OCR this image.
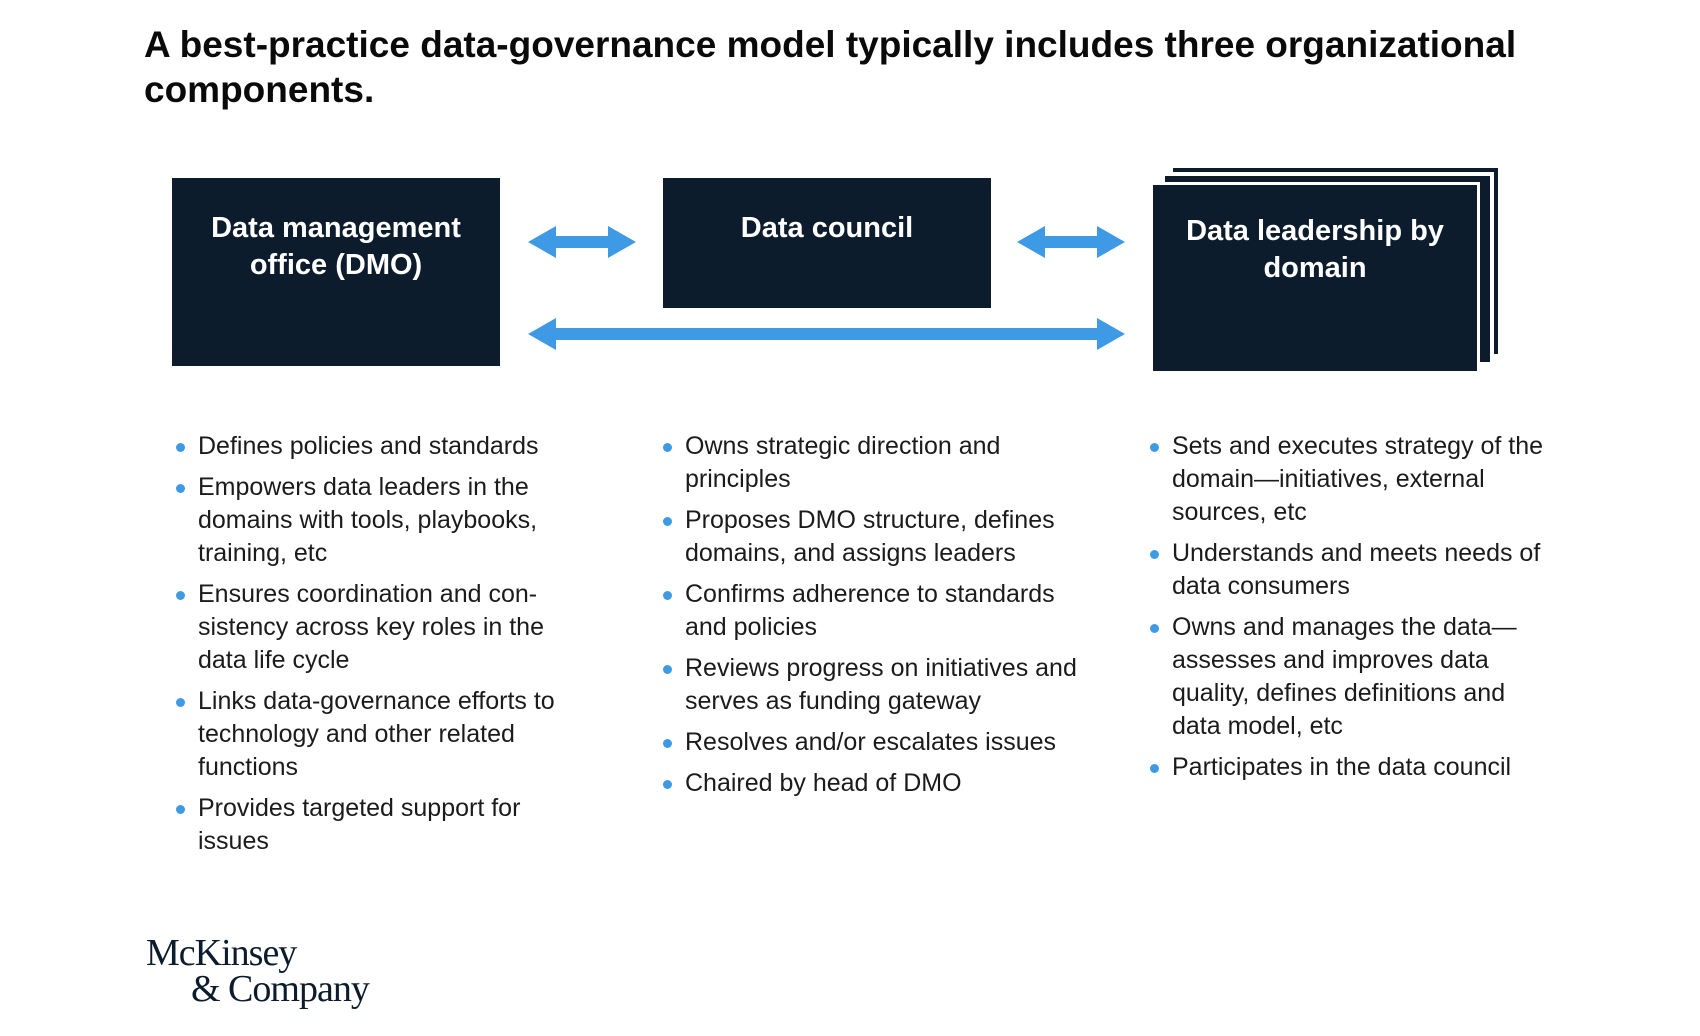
A best-practice data-governance model typically includes three organizational components.
Data management office (DMO)
Data council	Data leadership by domain
Defines policies and standards
Empowers data leaders in the domains with tools, playbooks, training, etc
Ensures coordination and con-sistency across key roles in the data life cycle
Links data-governance efforts to technology and other related functions
Provides targeted support for issues
Owns strategic direction and principles
Proposes DMO structure, defines domains, and assigns leaders
Confirms adherence to standards and policies
Reviews progress on initiatives and serves as funding gateway
Resolves and/or escalates issues
Chaired by head of DMO
Sets and executes strategy of the domain—initiatives, external sources, etc
Understands and meets needs of data consumers
Owns and manages the data—assesses and improves data quality, defines definitions and data model, etc
Participates in the data council
McKinsey
& Company
